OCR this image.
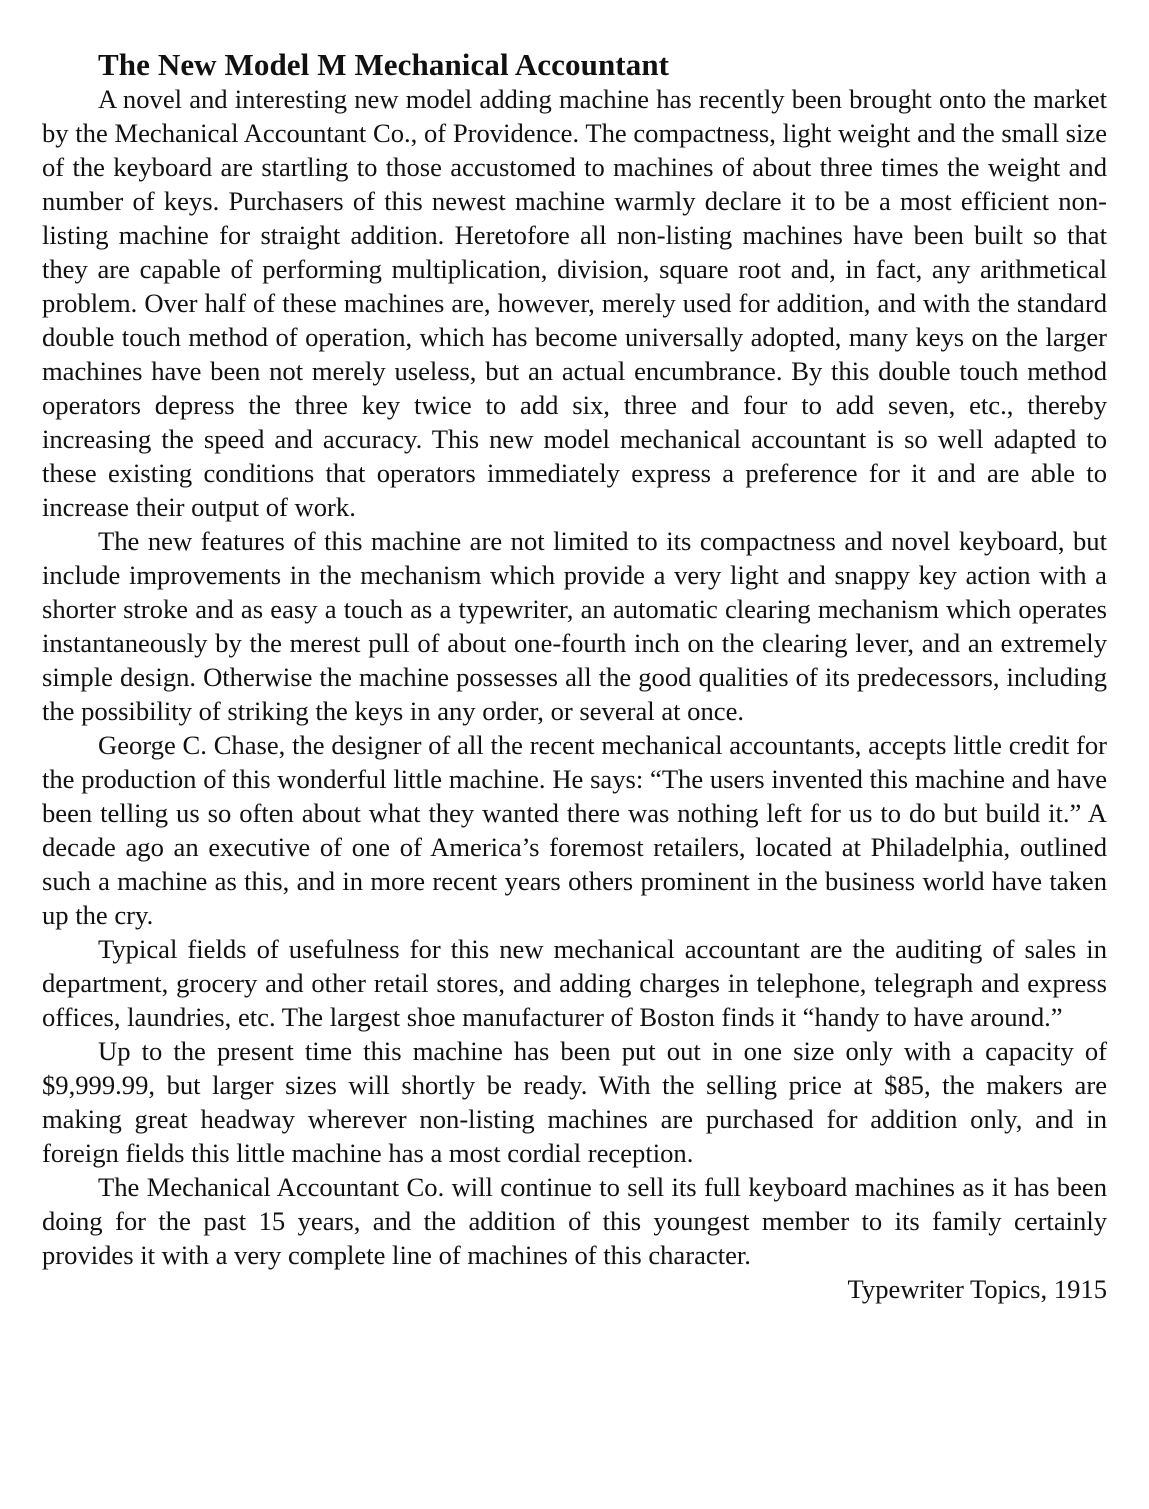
The New Model M Mechanical Accountant

A novel and interesting new model adding machine has recently been brought onto the market by the Mechanical Accountant Co., of Providence. The compactness, light weight and the small size of the keyboard are startling to those accustomed to machines of about three times the weight and number of keys. Purchasers of this newest machine warmly declare it to be a most efficient non-listing machine for straight addition. Heretofore all non-listing machines have been built so that they are capable of performing multiplication, division, square root and, in fact, any arithmetical problem. Over half of these machines are, however, merely used for addition, and with the standard double touch method of operation, which has become universally adopted, many keys on the larger machines have been not merely useless, but an actual encumbrance. By this double touch method operators depress the three key twice to add six, three and four to add seven, etc., thereby increasing the speed and accuracy. This new model mechanical accountant is so well adapted to these existing conditions that operators immediately express a preference for it and are able to increase their output of work.

The new features of this machine are not limited to its compactness and novel keyboard, but include improvements in the mechanism which provide a very light and snappy key action with a shorter stroke and as easy a touch as a typewriter, an automatic clearing mechanism which operates instantaneously by the merest pull of about one-fourth inch on the clearing lever, and an extremely simple design. Otherwise the machine possesses all the good qualities of its predecessors, including the possibility of striking the keys in any order, or several at once.

George C. Chase, the designer of all the recent mechanical accountants, accepts little credit for the production of this wonderful little machine. He says: “The users invented this machine and have been telling us so often about what they wanted there was nothing left for us to do but build it.” A decade ago an executive of one of America’s foremost retailers, located at Philadelphia, outlined such a machine as this, and in more recent years others prominent in the business world have taken up the cry.

Typical fields of usefulness for this new mechanical accountant are the auditing of sales in department, grocery and other retail stores, and adding charges in telephone, telegraph and express offices, laundries, etc. The largest shoe manufacturer of Boston finds it “handy to have around.”

Up to the present time this machine has been put out in one size only with a capacity of $9,999.99, but larger sizes will shortly be ready. With the selling price at $85, the makers are making great headway wherever non-listing machines are purchased for addition only, and in foreign fields this little machine has a most cordial reception.

The Mechanical Accountant Co. will continue to sell its full keyboard machines as it has been doing for the past 15 years, and the addition of this youngest member to its family certainly provides it with a very complete line of machines of this character.

Typewriter Topics, 1915
